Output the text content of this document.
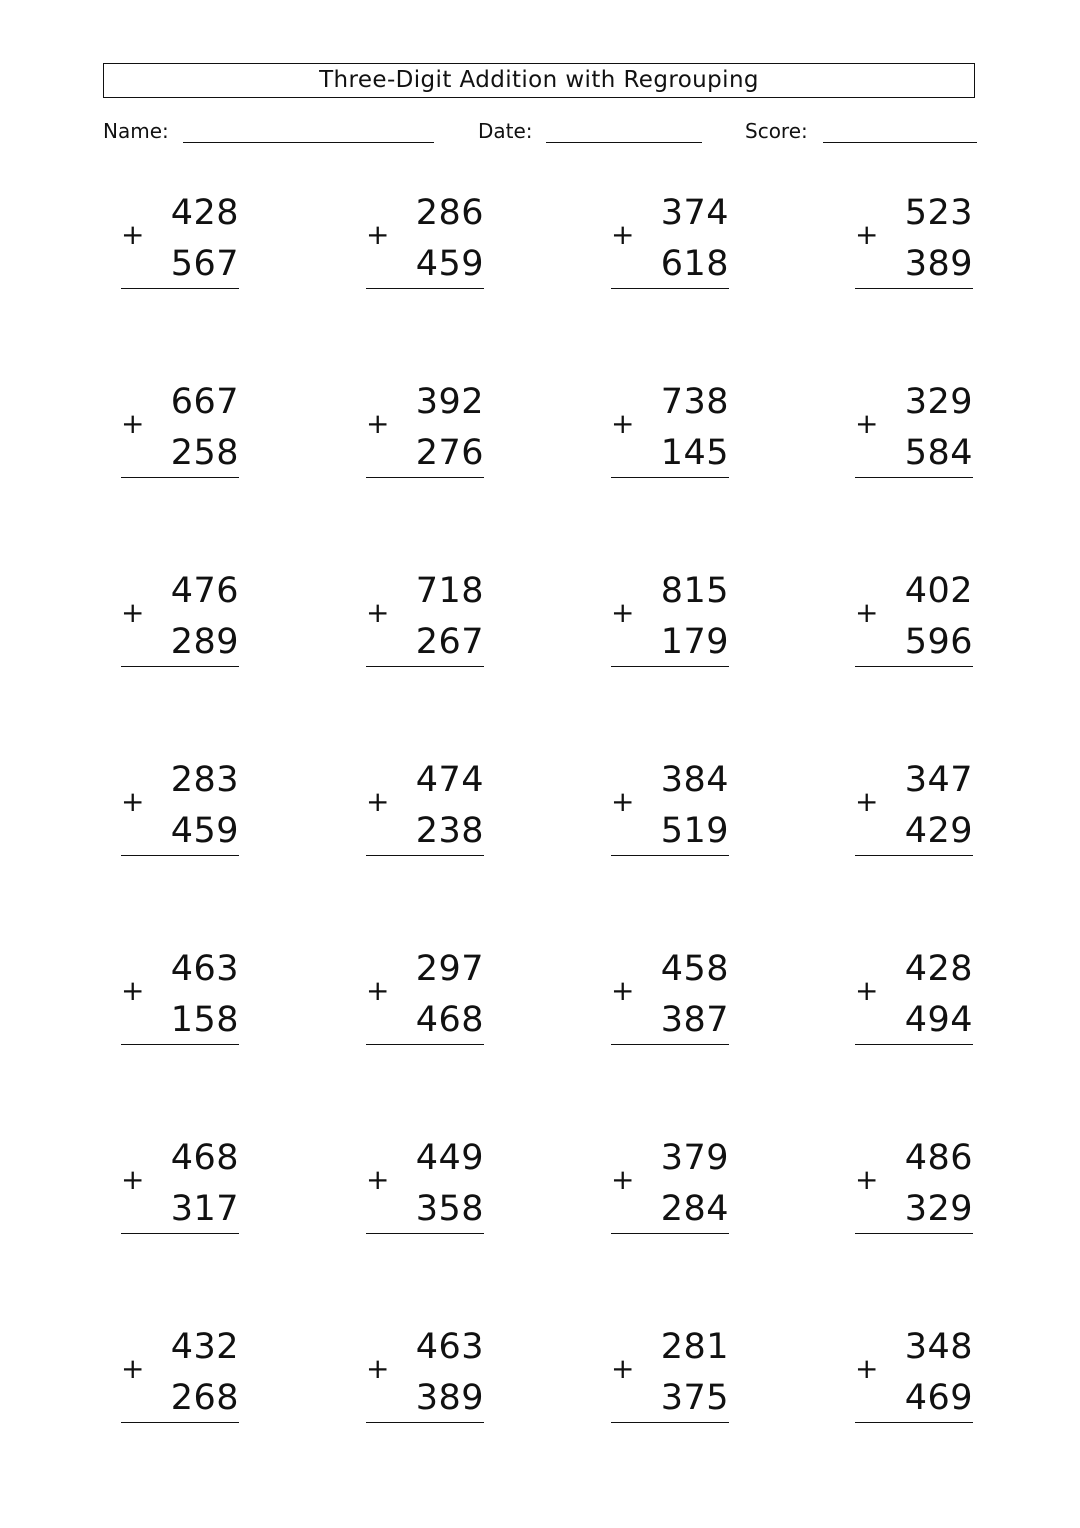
Three-Digit Addition with Regrouping
Name:	Date:	Score:
428
+
567
286
+
459
374
+
618
523
+
389
667
+
258
392
+
276
738
+
145
329
+
584
476
+
289
718
+
267
815
+
179
402
+
596
283
+
459
474
+
238
384
+
519
347
+
429
463
+
158
297
+
468
458
+
387
428
+
494
468
+
317
449
+
358
379
+
284
486
+
329
432
+
268
463
+
389
281
+
375
348
+
469
